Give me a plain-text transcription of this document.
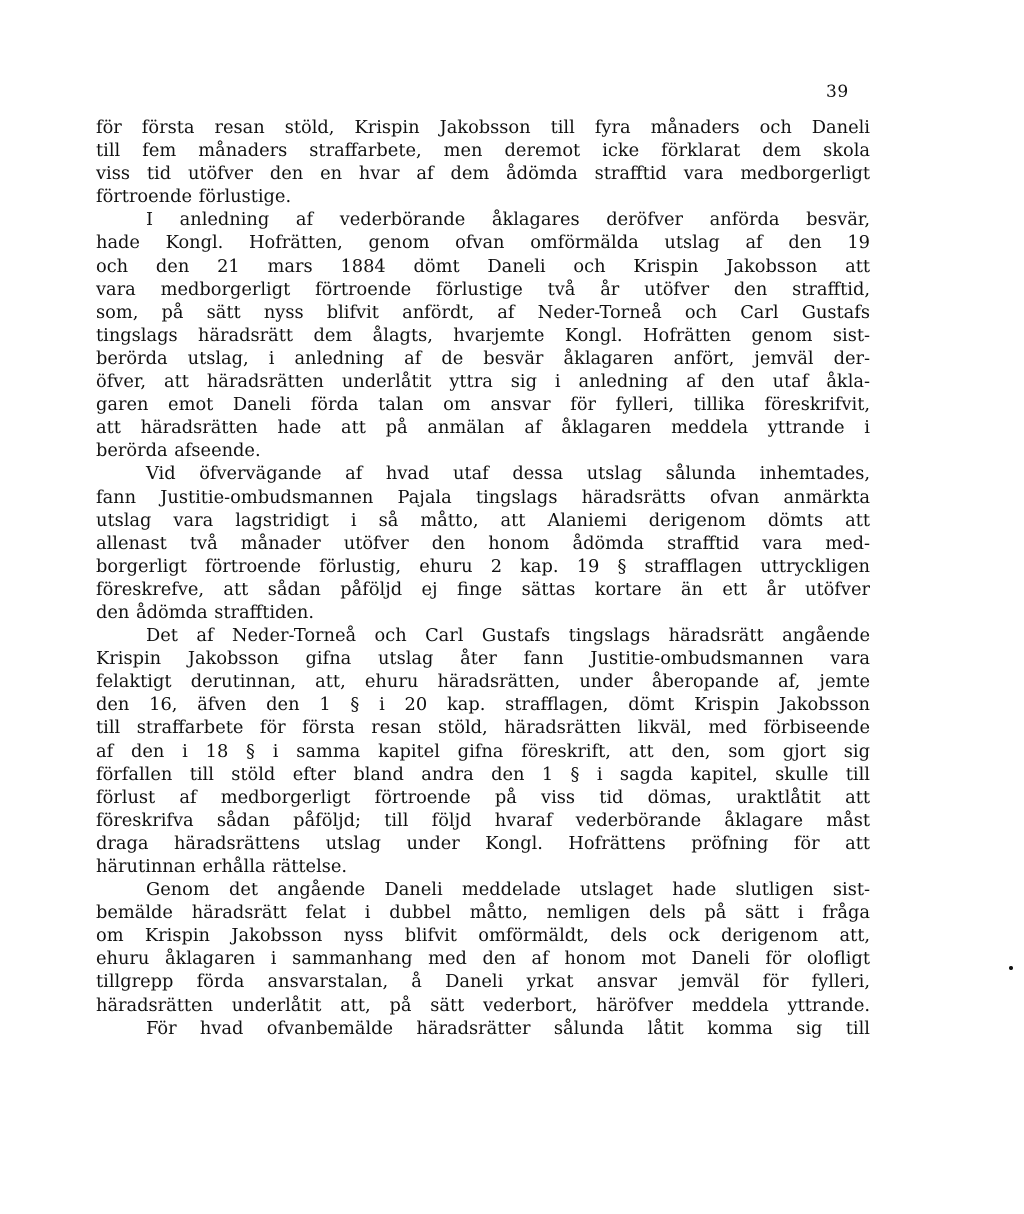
39
för första resan stöld, Krispin Jakobsson till fyra månaders och Daneli
till fem månaders straffarbete, men deremot icke förklarat dem skola
viss tid utöfver den en hvar af dem ådömda strafftid vara medborgerligt
förtroende förlustige.
I anledning af vederbörande åklagares deröfver anförda besvär,
hade Kongl. Hofrätten, genom ofvan omförmälda utslag af den 19
och den 21 mars 1884 dömt Daneli och Krispin Jakobsson att
vara medborgerligt förtroende förlustige två år utöfver den strafftid,
som, på sätt nyss blifvit anfördt, af Neder-Torneå och Carl Gustafs
tingslags häradsrätt dem ålagts, hvarjemte Kongl. Hofrätten genom sist-
berörda utslag, i anledning af de besvär åklagaren anfört, jemväl der-
öfver, att häradsrätten underlåtit yttra sig i anledning af den utaf åkla-
garen emot Daneli förda talan om ansvar för fylleri, tillika föreskrifvit,
att häradsrätten hade att på anmälan af åklagaren meddela yttrande i
berörda afseende.
Vid öfvervägande af hvad utaf dessa utslag sålunda inhemtades,
fann Justitie-ombudsmannen Pajala tingslags häradsrätts ofvan anmärkta
utslag vara lagstridigt i så måtto, att Alaniemi derigenom dömts att
allenast två månader utöfver den honom ådömda strafftid vara med-
borgerligt förtroende förlustig, ehuru 2 kap. 19 § strafflagen uttryckligen
föreskrefve, att sådan påföljd ej finge sättas kortare än ett år utöfver
den ådömda strafftiden.
Det af Neder-Torneå och Carl Gustafs tingslags häradsrätt angående
Krispin Jakobsson gifna utslag åter fann Justitie-ombudsmannen vara
felaktigt derutinnan, att, ehuru häradsrätten, under åberopande af, jemte
den 16, äfven den 1 § i 20 kap. strafflagen, dömt Krispin Jakobsson
till straffarbete för första resan stöld, häradsrätten likväl, med förbiseende
af den i 18 § i samma kapitel gifna föreskrift, att den, som gjort sig
förfallen till stöld efter bland andra den 1 § i sagda kapitel, skulle till
förlust af medborgerligt förtroende på viss tid dömas, uraktlåtit att
föreskrifva sådan påföljd; till följd hvaraf vederbörande åklagare måst
draga häradsrättens utslag under Kongl. Hofrättens pröfning för att
härutinnan erhålla rättelse.
Genom det angående Daneli meddelade utslaget hade slutligen sist-
bemälde häradsrätt felat i dubbel måtto, nemligen dels på sätt i fråga
om Krispin Jakobsson nyss blifvit omförmäldt, dels ock derigenom att,
ehuru åklagaren i sammanhang med den af honom mot Daneli för olofligt
tillgrepp förda ansvarstalan, å Daneli yrkat ansvar jemväl för fylleri,
häradsrätten underlåtit att, på sätt vederbort, häröfver meddela yttrande.
För hvad ofvanbemälde häradsrätter sålunda låtit komma sig till
